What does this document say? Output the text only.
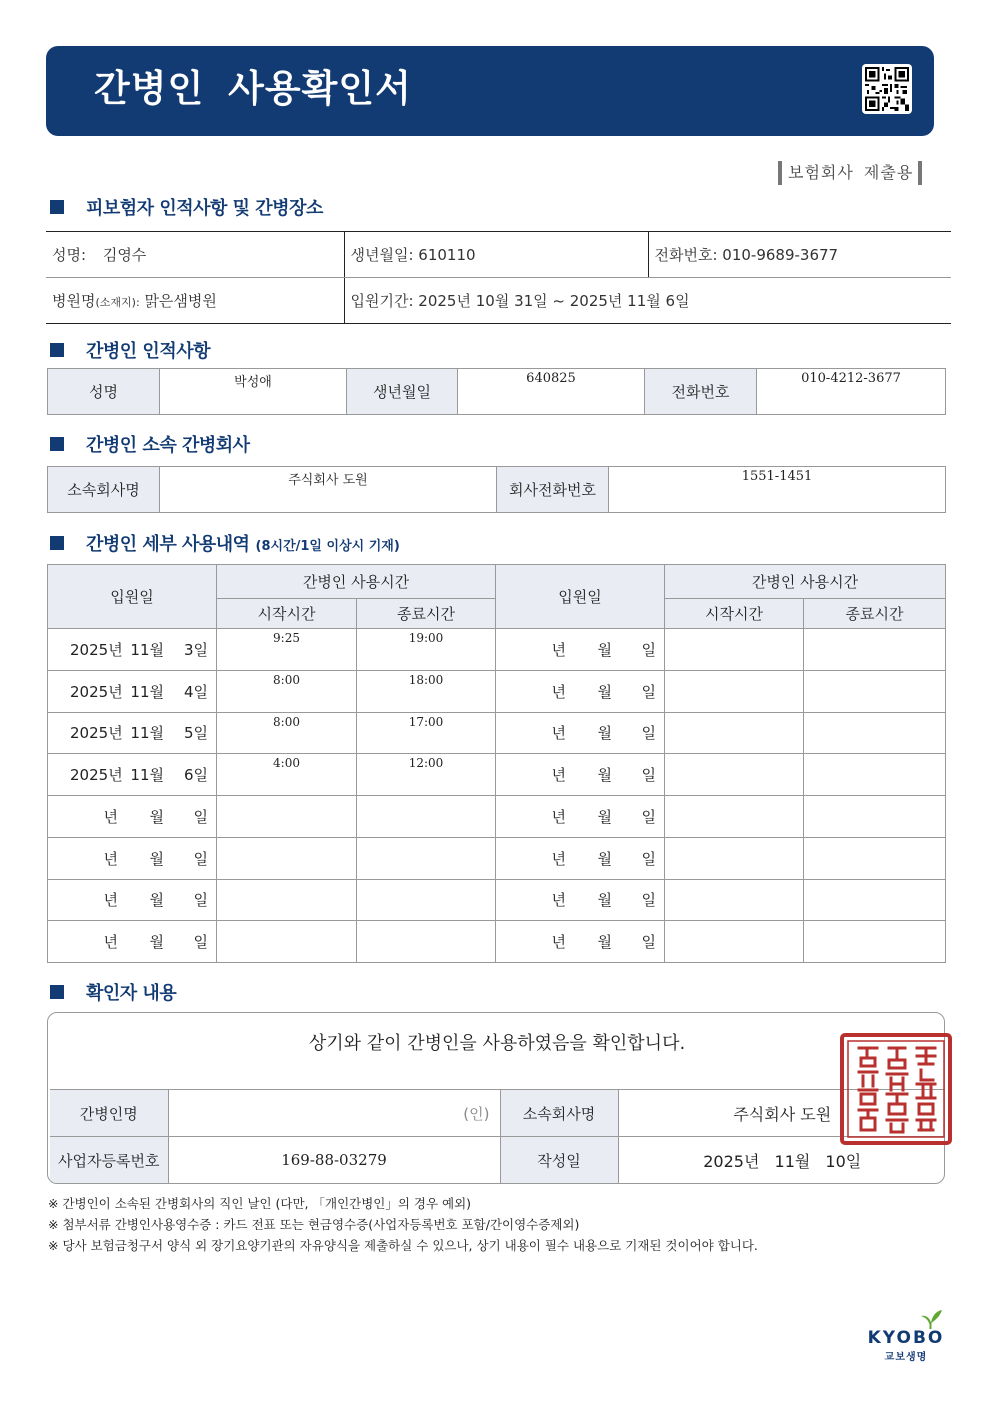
간병인 사용확인서
보험회사 제출용
피보험자 인적사항 및 간병장소
성명: 김영수	생년월일: 610110	전화번호: 010-9689-3677
병원명(소재지): 맑은샘병원	입원기간: 2025년 10월 31일 ~ 2025년 11월 6일	
간병인 인적사항
성명	박성애	생년월일	640825	전화번호	010-4212-3677
간병인 소속 간병회사
소속회사명	주식회사 도원	회사전화번호	1551-1451
간병인 세부 사용내역 (8시간/1일 이상시 기재)
입원일	간병인 사용시간		입원일	간병인 사용시간	
	시작시간	종료시간		시작시간	종료시간
2025년 11월 3일	9:25	19:00	년 월 일		
2025년 11월 4일	8:00	18:00	년 월 일		
2025년 11월 5일	8:00	17:00	년 월 일		
2025년 11월 6일	4:00	12:00	년 월 일		
년 월 일			년 월 일		
년 월 일			년 월 일		
년 월 일			년 월 일		
년 월 일			년 월 일		
확인자 내용
상기와 같이 간병인을 사용하였음을 확인합니다.
간병인명	(인)	소속회사명	주식회사 도원
사업자등록번호	169-88-03279	작성일	2025년 11월 10일
※ 간병인이 소속된 간병회사의 직인 날인 (다만, 「개인간병인」의 경우 예외)
※ 첨부서류 간병인사용영수증 : 카드 전표 또는 현금영수증(사업자등록번호 포함/간이영수증제외)
※ 당사 보험금청구서 양식 외 장기요양기관의 자유양식을 제출하실 수 있으나, 상기 내용이 필수 내용으로 기재된 것이어야 합니다.
KYOBO
교보생명
